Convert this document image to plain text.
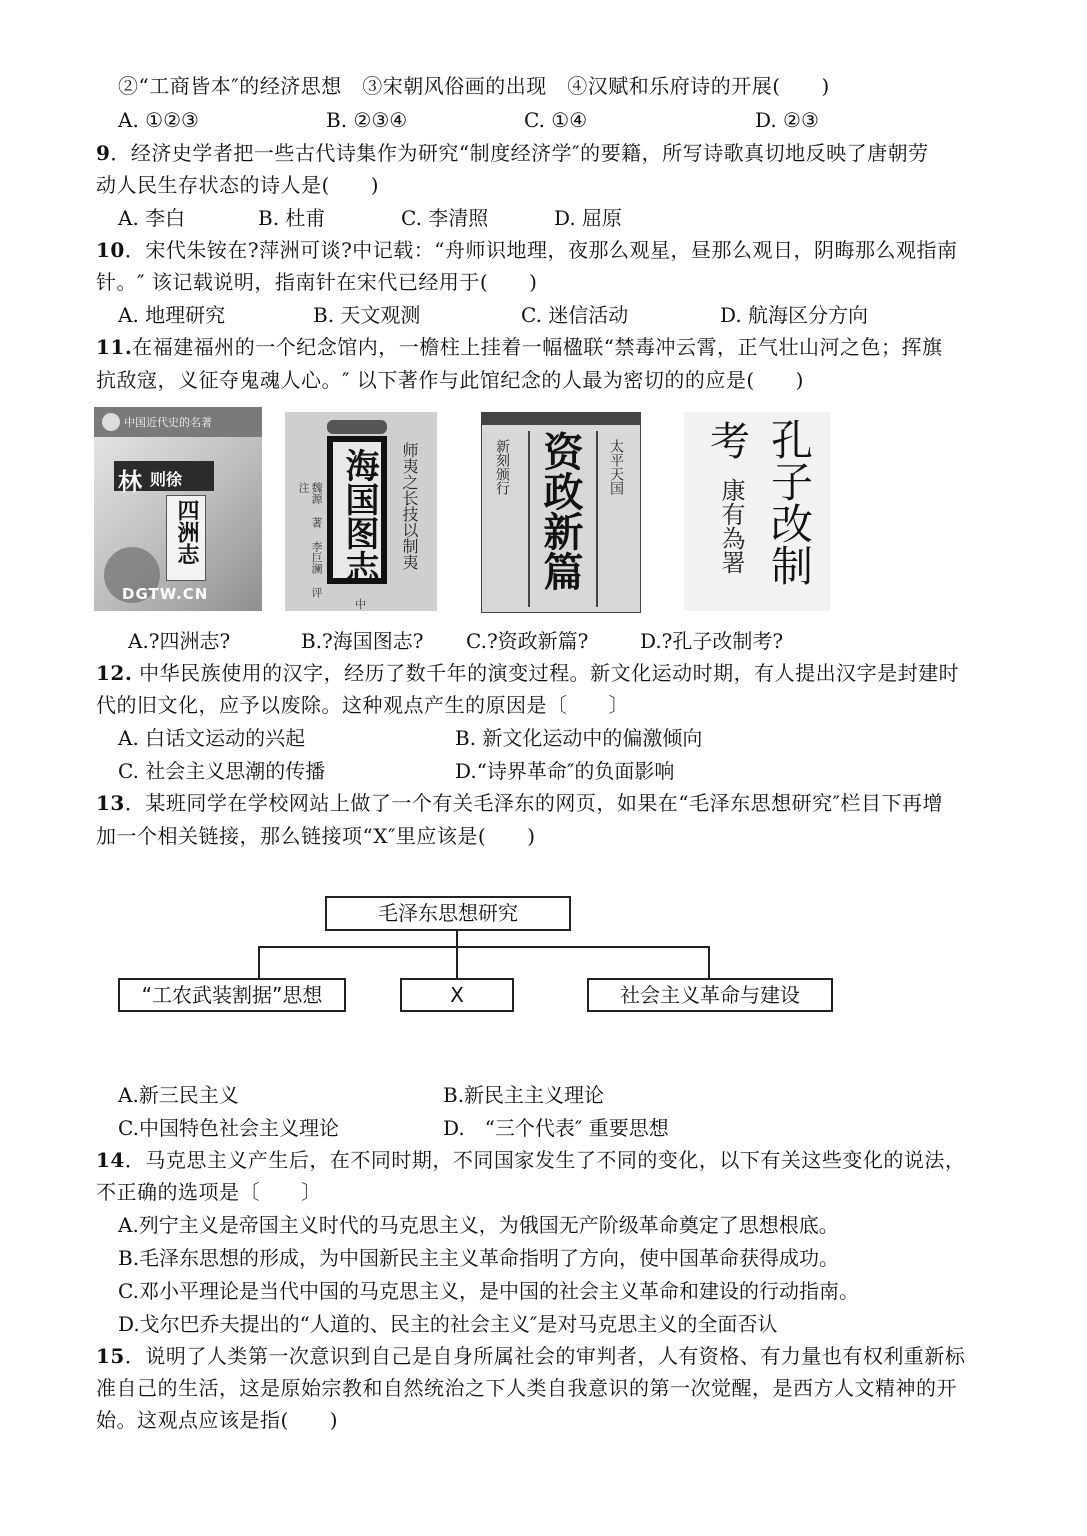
②“工商皆本″的经济思想　③宋朝风俗画的出现　④汉赋和乐府诗的开展(　　)
A. ①②③	B. ②③④	C. ①④	D. ②③
9．经济史学者把一些古代诗集作为研究“制度经济学″的要籍，所写诗歌真切地反映了唐朝劳
动人民生存状态的诗人是(　　)
A. 李白	B. 杜甫	C. 李清照	D. 屈原
10．宋代朱铵在?萍洲可谈?中记载：“舟师识地理，夜那么观星，昼那么观日，阴晦那么观指南
针。″ 该记载说明，指南针在宋代已经用于(　　)
A. 地理研究	B. 天文观测	C. 迷信活动	D. 航海区分方向
11.在福建福州的一个纪念馆内，一檐柱上挂着一幅楹联“禁毒冲云霄，正气壮山河之色；挥旗
抗敌寇，义征夺鬼魂人心。″ 以下著作与此馆纪念的人最为密切的的应是(　　)
中国近代史的名著
林 则徐
四洲志
DGTW.CN
海国图志 师夷之长技以制夷
魏源 著 李巨澜 评注
中
资政新篇
新刻颁行	太平天国	孔子改制
考
康有為署
A.?四洲志?	B.?海国图志? C.?资政新篇?	D.?孔子改制考?
12. 中华民族使用的汉字，经历了数千年的演变过程。新文化运动时期，有人提出汉字是封建时
代的旧文化，应予以废除。这种观点产生的原因是〔　　〕
A. 白话文运动的兴起	B. 新文化运动中的偏激倾向
C. 社会主义思潮的传播	D.“诗界革命″的负面影响
13．某班同学在学校网站上做了一个有关毛泽东的网页，如果在“毛泽东思想研究″栏目下再增
加一个相关链接，那么链接项“X″里应该是(　　)
毛泽东思想研究
“工农武装割据”思想	X	社会主义革命与建设
A.新三民主义	B.新民主主义理论
C.中国特色社会主义理论	D.　“三个代表″ 重要思想
14．马克思主义产生后，在不同时期，不同国家发生了不同的变化，以下有关这些变化的说法，
不正确的选项是〔　　〕
A.列宁主义是帝国主义时代的马克思主义，为俄国无产阶级革命奠定了思想根底。
B.毛泽东思想的形成，为中国新民主主义革命指明了方向，使中国革命获得成功。
C.邓小平理论是当代中国的马克思主义，是中国的社会主义革命和建设的行动指南。
D.戈尔巴乔夫提出的“人道的、民主的社会主义″是对马克思主义的全面否认
15．说明了人类第一次意识到自己是自身所属社会的审判者，人有资格、有力量也有权利重新标
准自己的生活，这是原始宗教和自然统治之下人类自我意识的第一次觉醒，是西方人文精神的开
始。这观点应该是指(　　)
